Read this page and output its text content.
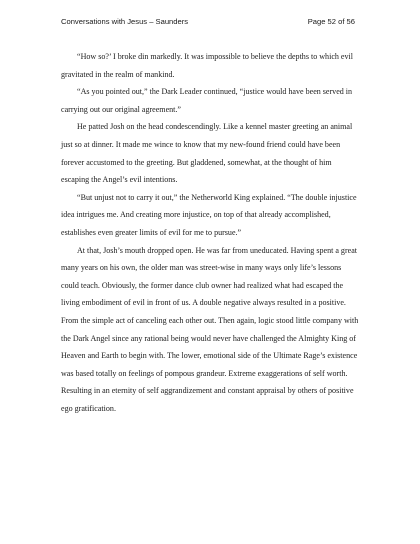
Conversations with Jesus – Saunders	Page 52 of 56

“How so?’ I broke din markedly. It was impossible to believe the depths to which evil gravitated in the realm of mankind.

“As you pointed out,” the Dark Leader continued, “justice would have been served in carrying out our original agreement.”

He patted Josh on the head condescendingly. Like a kennel master greeting an animal just so at dinner. It made me wince to know that my new-found friend could have been forever accustomed to the greeting. But gladdened, somewhat, at the thought of him escaping the Angel’s evil intentions.

“But unjust not to carry it out,” the Netherworld King explained. “The double injustice idea intrigues me. And creating more injustice, on top of that already accomplished, establishes even greater limits of evil for me to pursue.”

At that, Josh’s mouth dropped open. He was far from uneducated. Having spent a great many years on his own, the older man was street-wise in many ways only life’s lessons could teach. Obviously, the former dance club owner had realized what had escaped the living embodiment of evil in front of us. A double negative always resulted in a positive. From the simple act of canceling each other out. Then again, logic stood little company with the Dark Angel since any rational being would never have challenged the Almighty King of Heaven and Earth to begin with. The lower, emotional side of the Ultimate Rage’s existence was based totally on feelings of pompous grandeur. Extreme exaggerations of self worth. Resulting in an eternity of self aggrandizement and constant appraisal by others of positive ego gratification.
